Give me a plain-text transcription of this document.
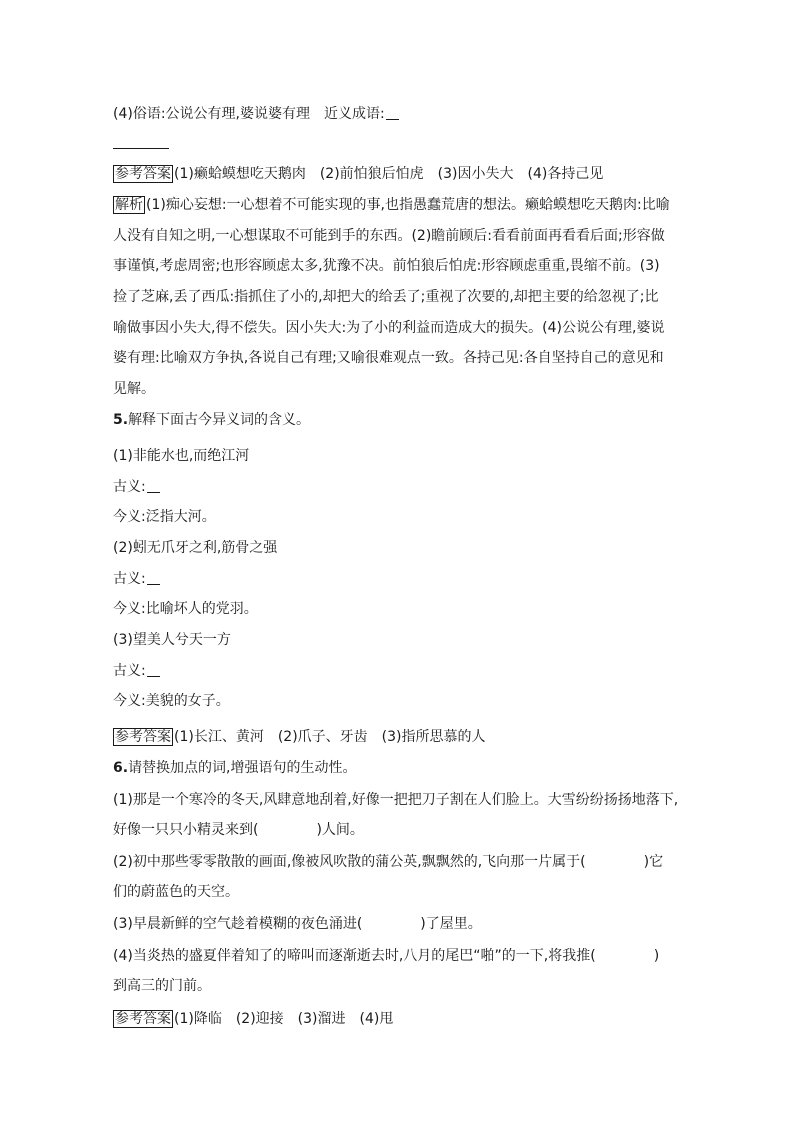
(4)俗语:公说公有理,婆说婆有理　近义成语:
参考答案 (1)癞蛤蟆想吃天鹅肉　(2)前怕狼后怕虎　(3)因小失大　(4)各持己见
解析 (1)痴心妄想:一心想着不可能实现的事,也指愚蠢荒唐的想法。癞蛤蟆想吃天鹅肉:比喻
人没有自知之明,一心想谋取不可能到手的东西。(2)瞻前顾后:看看前面再看看后面;形容做
事谨慎,考虑周密;也形容顾虑太多,犹豫不决。前怕狼后怕虎:形容顾虑重重,畏缩不前。(3)
捡了芝麻,丢了西瓜:指抓住了小的,却把大的给丢了;重视了次要的,却把主要的给忽视了;比
喻做事因小失大,得不偿失。因小失大:为了小的利益而造成大的损失。(4)公说公有理,婆说
婆有理:比喻双方争执,各说自己有理;又喻很难观点一致。各持己见:各自坚持自己的意见和
见解。
5.解释下面古今异义词的含义。
(1)非能水也,而绝江河
古义:
今义:泛指大河。
(2)蚓无爪牙之利,筋骨之强
古义:
今义:比喻坏人的党羽。
(3)望美人兮天一方
古义:
今义:美貌的女子。
参考答案 (1)长江、黄河　(2)爪子、牙齿　(3)指所思慕的人
6.请替换加点的词,增强语句的生动性。
(1)那是一个寒冷的冬天,风肆意地刮着,好像一把把刀子割在人们脸上。大雪纷纷扬扬地落下,
好像一只只小精灵来到(	)人间。
(2)初中那些零零散散的画面,像被风吹散的蒲公英,飘飘然的,飞向那一片属于(	)它
们的蔚蓝色的天空。
(3)早晨新鲜的空气趁着模糊的夜色涌进(	)了屋里。
(4)当炎热的盛夏伴着知了的啼叫而逐渐逝去时,八月的尾巴“啪”的一下,将我推(	)
到高三的门前。
参考答案 (1)降临　(2)迎接　(3)溜进　(4)甩
